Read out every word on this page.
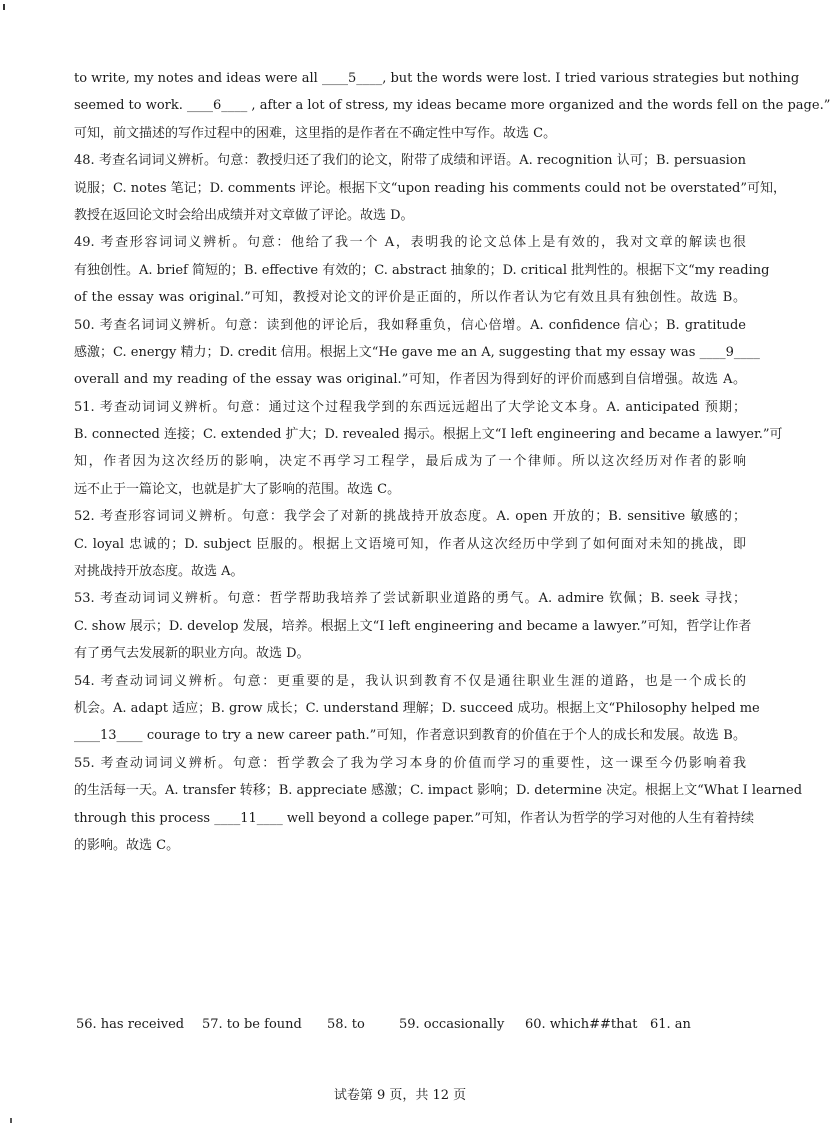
to write, my notes and ideas were all ____5____, but the words were lost. I tried various strategies but nothing
seemed to work. ____6____ , after a lot of stress, my ideas became more organized and the words fell on the page.”
可知，前文描述的写作过程中的困难，这里指的是作者在不确定性中写作。故选 C。
48. 考查名词词义辨析。句意：教授归还了我们的论文，附带了成绩和评语。A. recognition 认可；B. persuasion
说服；C. notes 笔记；D. comments 评论。根据下文“upon reading his comments could not be overstated”可知，
教授在返回论文时会给出成绩并对文章做了评论。故选 D。
49. 考查形容词词义辨析。句意：他给了我一个 A，表明我的论文总体上是有效的，我对文章的解读也很
有独创性。A. brief 简短的；B. effective 有效的；C. abstract 抽象的；D. critical 批判性的。根据下文“my reading
of the essay was original.”可知，教授对论文的评价是正面的，所以作者认为它有效且具有独创性。故选 B。
50. 考查名词词义辨析。句意：读到他的评论后，我如释重负，信心倍增。A. confidence 信心；B. gratitude
感激；C. energy 精力；D. credit 信用。根据上文“He gave me an A, suggesting that my essay was ____9____
overall and my reading of the essay was original.”可知，作者因为得到好的评价而感到自信增强。故选 A。
51. 考查动词词义辨析。句意：通过这个过程我学到的东西远远超出了大学论文本身。A. anticipated 预期；
B. connected 连接；C. extended 扩大；D. revealed 揭示。根据上文“I left engineering and became a lawyer.”可
知，作者因为这次经历的影响，决定不再学习工程学，最后成为了一个律师。所以这次经历对作者的影响
远不止于一篇论文，也就是扩大了影响的范围。故选 C。
52. 考查形容词词义辨析。句意：我学会了对新的挑战持开放态度。A. open 开放的；B. sensitive 敏感的；
C. loyal 忠诚的；D. subject 臣服的。根据上文语境可知，作者从这次经历中学到了如何面对未知的挑战，即
对挑战持开放态度。故选 A。
53. 考查动词词义辨析。句意：哲学帮助我培养了尝试新职业道路的勇气。A. admire 钦佩；B. seek 寻找；
C. show 展示；D. develop 发展，培养。根据上文“I left engineering and became a lawyer.”可知，哲学让作者
有了勇气去发展新的职业方向。故选 D。
54. 考查动词词义辨析。句意：更重要的是，我认识到教育不仅是通往职业生涯的道路，也是一个成长的
机会。A. adapt 适应；B. grow 成长；C. understand 理解；D. succeed 成功。根据上文“Philosophy helped me
____13____ courage to try a new career path.”可知，作者意识到教育的价值在于个人的成长和发展。故选 B。
55. 考查动词词义辨析。句意：哲学教会了我为学习本身的价值而学习的重要性，这一课至今仍影响着我
的生活每一天。A. transfer 转移；B. appreciate 感激；C. impact 影响；D. determine 决定。根据上文“What I learned
through this process ____11____ well beyond a college paper.”可知，作者认为哲学的学习对他的人生有着持续
的影响。故选 C。
56. has received 57. to be found 58. to	59. occasionally 60. which##that 61. an
试卷第 9 页，共 12 页
